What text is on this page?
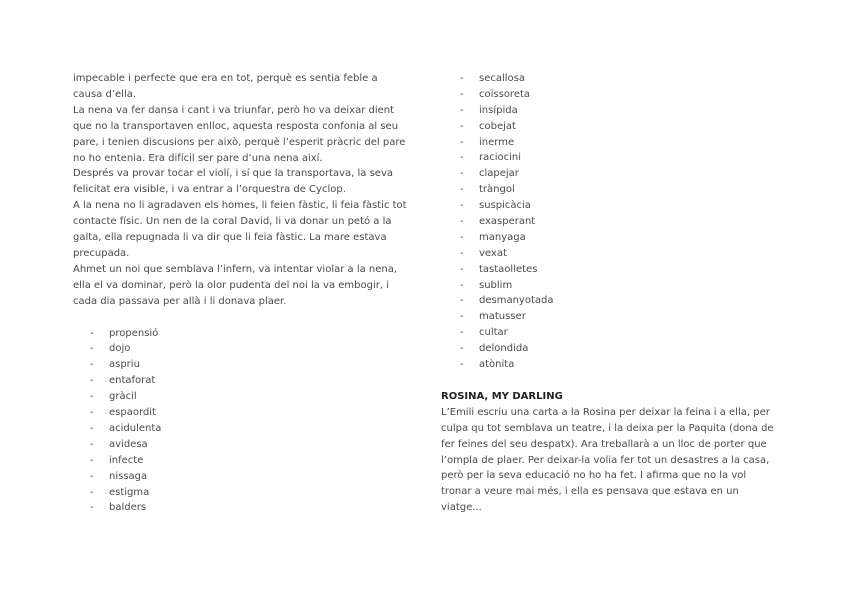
impecable i perfecte que era en tot, perquè es sentia feble a causa d’ella.

La nena va fer dansa i cant i va triunfar, però ho va deixar dient que no la transportaven enlloc, aquesta resposta confonia al seu pare, i tenien discusions per això, perquè l’esperit pràcric del pare no ho entenia. Era difícil ser pare d’una nena així.

Després va provar tocar el violí, i sí que la transportava, la seva felicitat era visible, i va entrar a l’orquestra de Cyclop.

A la nena no li agradaven els homes, li feien fàstic, li feia fàstic tot contacte físic. Un nen de la coral David, li va donar un petó a la galta, ella repugnada li va dir que li feia fàstic. La mare estava precupada.

Ahmet un noi que semblava l’infern, va intentar violar a la nena, ella el va dominar, però la olor pudenta del noi la va embogir, i cada dia passava per allà i li donava plaer.

- propensió
- dojo
- aspriu
- entaforat
- gràcil
- espaordit
- acidulenta
- avidesa
- infecte
- nissaga
- estigma
- balders
- secallosa
- coïssoreta
- insípida
- cobejat
- inerme
- raciocini
- clapejar
- tràngol
- suspicàcia
- exasperant
- manyaga
- vexat
- tastaolletes
- sublim
- desmanyotada
- matusser
- cultar
- delondida
- atònita
ROSINA, MY DARLING

L’Emili escriu una carta a la Rosina per deixar la feina i a ella, per culpa qu tot semblava un teatre, i la deixa per la Paquita (dona de fer feines del seu despatx). Ara treballarà a un lloc de porter que l’ompla de plaer. Per deixar-la volia fer tot un desastres a la casa, però per la seva educació no ho ha fet. I afirma que no la vol tronar a veure mai més, i ella es pensava que estava en un viatge...
